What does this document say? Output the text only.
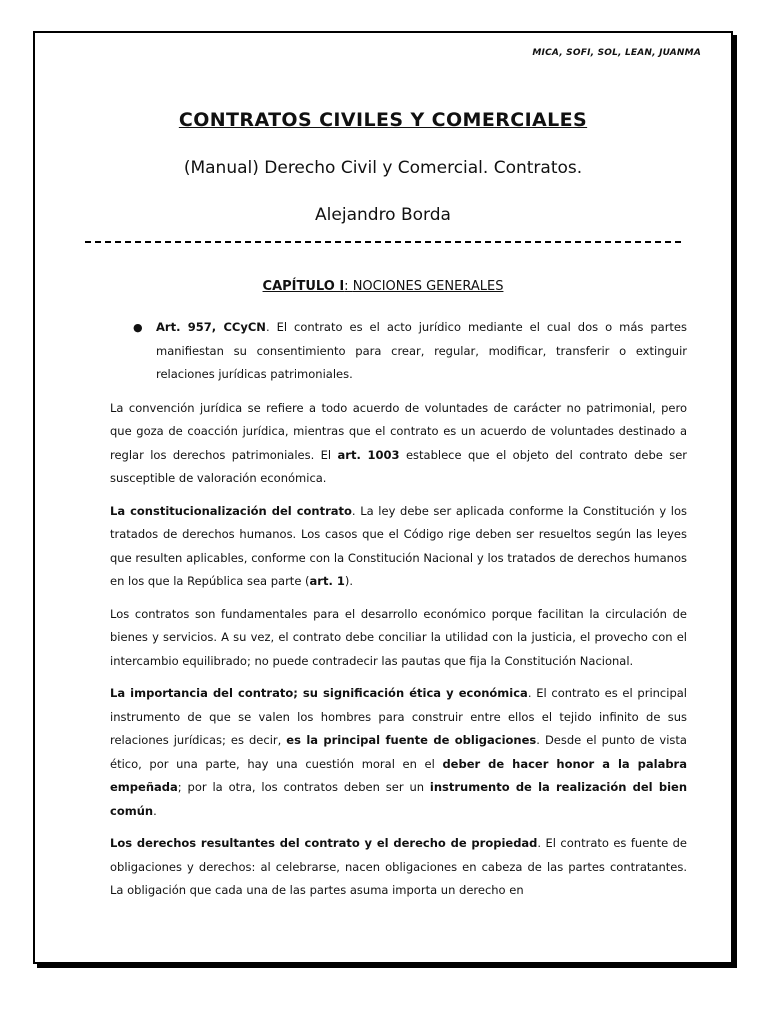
MICA, SOFI, SOL, LEAN, JUANMA
CONTRATOS CIVILES Y COMERCIALES
(Manual) Derecho Civil y Comercial. Contratos.
Alejandro Borda
CAPÍTULO I: NOCIONES GENERALES
● Art. 957, CCyCN. El contrato es el acto jurídico mediante el cual dos o más partes manifiestan su consentimiento para crear, regular, modificar, transferir o extinguir relaciones jurídicas patrimoniales.

La convención jurídica se refiere a todo acuerdo de voluntades de carácter no patrimonial, pero que goza de coacción jurídica, mientras que el contrato es un acuerdo de voluntades destinado a reglar los derechos patrimoniales. El art. 1003 establece que el objeto del contrato debe ser susceptible de valoración económica.

La constitucionalización del contrato. La ley debe ser aplicada conforme la Constitución y los tratados de derechos humanos. Los casos que el Código rige deben ser resueltos según las leyes que resulten aplicables, conforme con la Constitución Nacional y los tratados de derechos humanos en los que la República sea parte (art. 1).

Los contratos son fundamentales para el desarrollo económico porque facilitan la circulación de bienes y servicios. A su vez, el contrato debe conciliar la utilidad con la justicia, el provecho con el intercambio equilibrado; no puede contradecir las pautas que fija la Constitución Nacional.

La importancia del contrato; su significación ética y económica. El contrato es el principal instrumento de que se valen los hombres para construir entre ellos el tejido infinito de sus relaciones jurídicas; es decir, es la principal fuente de obligaciones. Desde el punto de vista ético, por una parte, hay una cuestión moral en el deber de hacer honor a la palabra empeñada; por la otra, los contratos deben ser un instrumento de la realización del bien común.

Los derechos resultantes del contrato y el derecho de propiedad. El contrato es fuente de obligaciones y derechos: al celebrarse, nacen obligaciones en cabeza de las partes contratantes. La obligación que cada una de las partes asuma importa un derecho en
